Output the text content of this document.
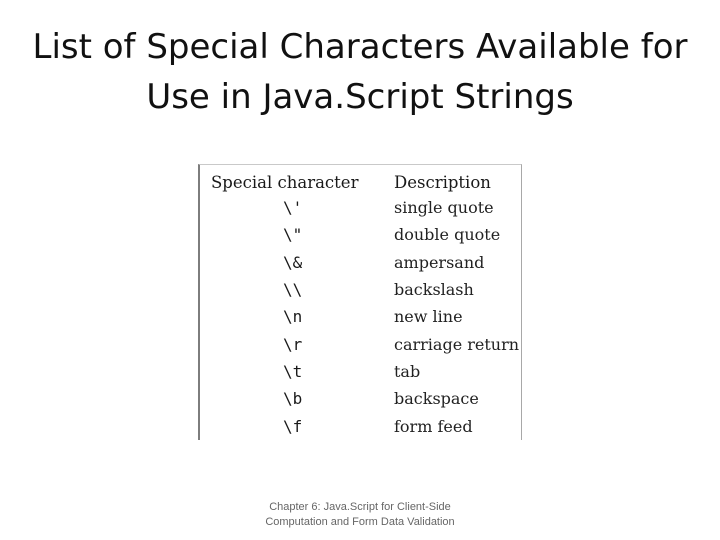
List of Special Characters Available for
Use in Java.Script Strings
Special character	Description
\'	single quote
\"	double quote
\&	ampersand
\\	backslash
\n	new line
\r	carriage return
\t	tab
\b	backspace
\f	form feed
Chapter 6: Java.Script for Client-Side
Computation and Form Data Validation
